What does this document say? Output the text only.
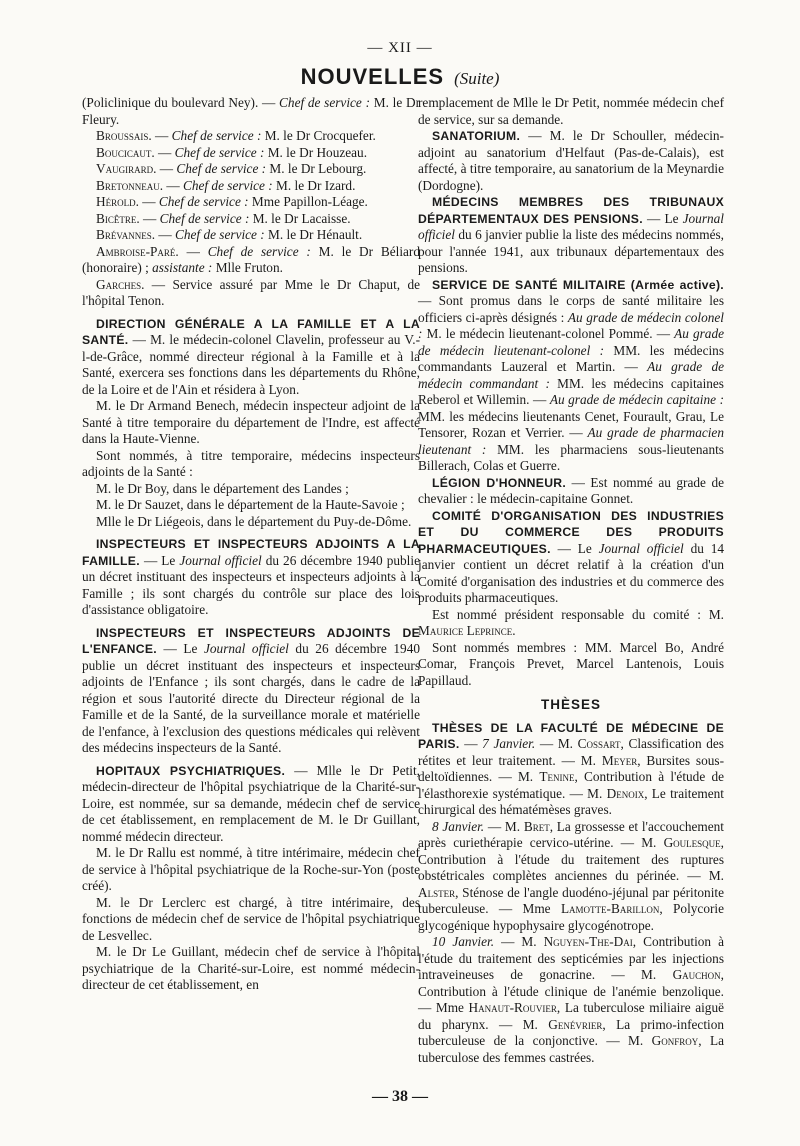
— XII —
NOUVELLES (Suite)

(Policlinique du boulevard Ney). — Chef de service : M. le Dr Fleury.

Broussais. — Chef de service : M. le Dr Crocquefer.

Boucicaut. — Chef de service : M. le Dr Houzeau.

Vaugirard. — Chef de service : M. le Dr Lebourg.

Bretonneau. — Chef de service : M. le Dr Izard.

Hérold. — Chef de service : Mme Papillon-Léage.

Bicêtre. — Chef de service : M. le Dr Lacaisse.

Brévannes. — Chef de service : M. le Dr Hénault.

Ambroise-Paré. — Chef de service : M. le Dr Béliard (honoraire) ; assistante : Mlle Fruton.

Garches. — Service assuré par Mme le Dr Chaput, de l'hôpital Tenon.

DIRECTION GÉNÉRALE A LA FAMILLE ET A LA SANTÉ. — M. le médecin-colonel Clavelin, professeur au V.-l-de-Grâce, nommé directeur régional à la Famille et à la Santé, exercera ses fonctions dans les départements du Rhône, de la Loire et de l'Ain et résidera à Lyon.

M. le Dr Armand Benech, médecin inspecteur adjoint de la Santé à titre temporaire du département de l'Indre, est affecté dans la Haute-Vienne.

Sont nommés, à titre temporaire, médecins inspecteurs adjoints de la Santé :

M. le Dr Boy, dans le département des Landes ;

M. le Dr Sauzet, dans le département de la Haute-Savoie ;

Mlle le Dr Liégeois, dans le département du Puy-de-Dôme.

INSPECTEURS ET INSPECTEURS ADJOINTS A LA FAMILLE. — Le Journal officiel du 26 décembre 1940 publie un décret instituant des inspecteurs et inspecteurs adjoints à la Famille ; ils sont chargés du contrôle sur place des lois d'assistance obligatoire.

INSPECTEURS ET INSPECTEURS ADJOINTS DE L'ENFANCE. — Le Journal officiel du 26 décembre 1940 publie un décret instituant des inspecteurs et inspecteurs adjoints de l'Enfance ; ils sont chargés, dans le cadre de la région et sous l'autorité directe du Directeur régional de la Famille et de la Santé, de la surveillance morale et matérielle de l'enfance, à l'exclusion des questions médicales qui relèvent des médecins inspecteurs de la Santé.

HOPITAUX PSYCHIATRIQUES. — Mlle le Dr Petit, médecin-directeur de l'hôpital psychiatrique de la Charité-sur-Loire, est nommée, sur sa demande, médecin chef de service de cet établissement, en remplacement de M. le Dr Guillant, nommé médecin directeur.

M. le Dr Rallu est nommé, à titre intérimaire, médecin chef de service à l'hôpital psychiatrique de la Roche-sur-Yon (poste créé).

M. le Dr Lerclerc est chargé, à titre intérimaire, des fonctions de médecin chef de service de l'hôpital psychiatrique de Lesvellec.

M. le Dr Le Guillant, médecin chef de service à l'hôpital psychiatrique de la Charité-sur-Loire, est nommé médecin-directeur de cet établissement, en

remplacement de Mlle le Dr Petit, nommée médecin chef de service, sur sa demande.

SANATORIUM. — M. le Dr Schouller, médecin-adjoint au sanatorium d'Helfaut (Pas-de-Calais), est affecté, à titre temporaire, au sanatorium de la Meynardie (Dordogne).

MÉDECINS MEMBRES DES TRIBUNAUX DÉPARTEMENTAUX DES PENSIONS. — Le Journal officiel du 6 janvier publie la liste des médecins nommés, pour l'année 1941, aux tribunaux départementaux des pensions.

SERVICE DE SANTÉ MILITAIRE (Armée active). — Sont promus dans le corps de santé militaire les officiers ci-après désignés : Au grade de médecin colonel : M. le médecin lieutenant-colonel Pommé. — Au grade de médecin lieutenant-colonel : MM. les médecins commandants Lauzeral et Martin. — Au grade de médecin commandant : MM. les médecins capitaines Reberol et Willemin. — Au grade de médecin capitaine : MM. les médecins lieutenants Cenet, Fourault, Grau, Le Tensorer, Rozan et Verrier. — Au grade de pharmacien lieutenant : MM. les pharmaciens sous-lieutenants Billerach, Colas et Guerre.

LÉGION D'HONNEUR. — Est nommé au grade de chevalier : le médecin-capitaine Gonnet.

COMITÉ D'ORGANISATION DES INDUSTRIES ET DU COMMERCE DES PRODUITS PHARMACEUTIQUES. — Le Journal officiel du 14 janvier contient un décret relatif à la création d'un Comité d'organisation des industries et du commerce des produits pharmaceutiques.

Est nommé président responsable du comité : M. Maurice Leprince.

Sont nommés membres : MM. Marcel Bo, André Comar, François Prevet, Marcel Lantenois, Louis Papillaud.

THÈSES

THÈSES DE LA FACULTÉ DE MÉDECINE DE PARIS. — 7 Janvier. — M. Cossart, Classification des rétites et leur traitement. — M. Meyer, Bursites sous-deltoïdiennes. — M. Tenine, Contribution à l'étude de l'élasthorexie systématique. — M. Denoix, Le traitement chirurgical des hématémèses graves.

8 Janvier. — M. Bret, La grossesse et l'accouchement après curiethérapie cervico-utérine. — M. Goulesque, Contribution à l'étude du traitement des ruptures obstétricales complètes anciennes du périnée. — M. Alster, Sténose de l'angle duodéno-jéjunal par péritonite tuberculeuse. — Mme Lamotte-Barillon, Polycorie glycogénique hypophysaire glycogénotrope.

10 Janvier. — M. Nguyen-The-Dai, Contribution à l'étude du traitement des septicémies par les injections intraveineuses de gonacrine. — M. Gauchon, Contribution à l'étude clinique de l'anémie benzolique. — Mme Hanaut-Rouvier, La tuberculose miliaire aiguë du pharynx. — M. Genévrier, La primo-infection tuberculeuse de la conjonctive. — M. Gonfroy, La tuberculose des femmes castrées.

— 38 —
